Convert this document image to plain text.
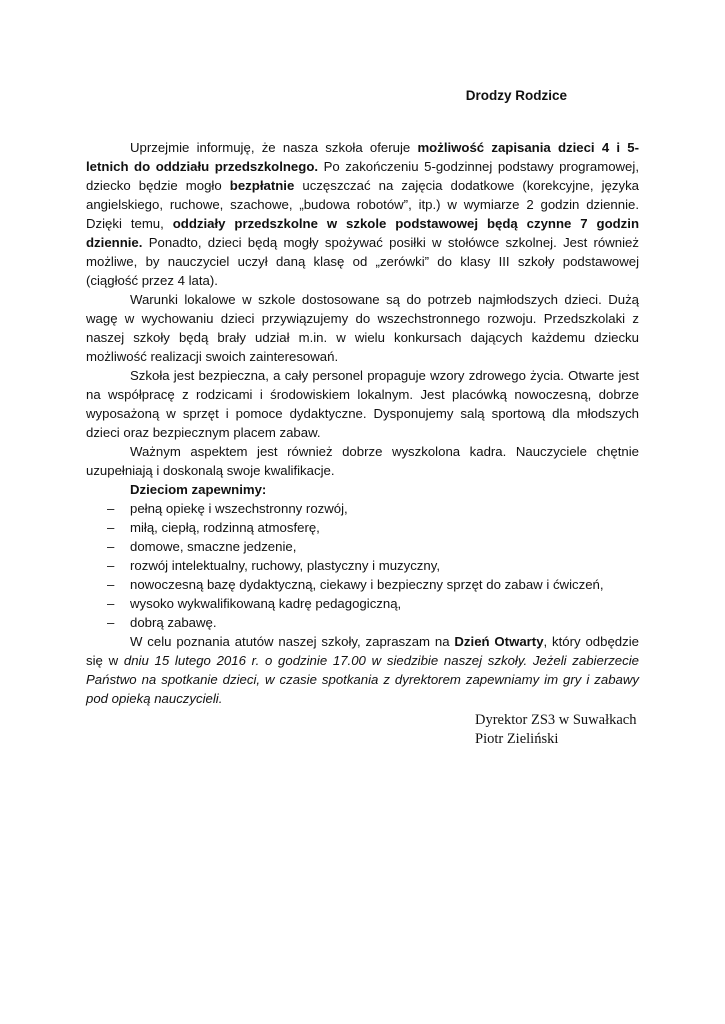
Drodzy Rodzice

Uprzejmie informuję, że nasza szkoła oferuje możliwość zapisania dzieci 4 i 5-letnich do oddziału przedszkolnego. Po zakończeniu 5-godzinnej podstawy programowej, dziecko będzie mogło bezpłatnie uczęszczać na zajęcia dodatkowe (korekcyjne, języka angielskiego, ruchowe, szachowe, „budowa robotów”, itp.) w wymiarze 2 godzin dziennie. Dzięki temu, oddziały przedszkolne w szkole podstawowej będą czynne 7 godzin dziennie. Ponadto, dzieci będą mogły spożywać posiłki w stołówce szkolnej. Jest również możliwe, by nauczyciel uczył daną klasę od „zerówki” do klasy III szkoły podstawowej (ciągłość przez 4 lata).

Warunki lokalowe w szkole dostosowane są do potrzeb najmłodszych dzieci. Dużą wagę w wychowaniu dzieci przywiązujemy do wszechstronnego rozwoju. Przedszkolaki z naszej szkoły będą brały udział m.in. w wielu konkursach dających każdemu dziecku możliwość realizacji swoich zainteresowań.

Szkoła jest bezpieczna, a cały personel propaguje wzory zdrowego życia. Otwarte jest na współpracę z rodzicami i środowiskiem lokalnym. Jest placówką nowoczesną, dobrze wyposażoną w sprzęt i pomoce dydaktyczne. Dysponujemy salą sportową dla młodszych dzieci oraz bezpiecznym placem zabaw.

Ważnym aspektem jest również dobrze wyszkolona kadra. Nauczyciele chętnie uzupełniają i doskonalą swoje kwalifikacje.

Dzieciom zapewnimy:
– pełną opiekę i wszechstronny rozwój,
– miłą, ciepłą, rodzinną atmosferę,
– domowe, smaczne jedzenie,
– rozwój intelektualny, ruchowy, plastyczny i muzyczny,
– nowoczesną bazę dydaktyczną, ciekawy i bezpieczny sprzęt do zabaw i ćwiczeń,
– wysoko wykwalifikowaną kadrę pedagogiczną,
– dobrą zabawę.

W celu poznania atutów naszej szkoły, zapraszam na Dzień Otwarty, który odbędzie się w dniu 15 lutego 2016 r. o godzinie 17.00 w siedzibie naszej szkoły. Jeżeli zabierzecie Państwo na spotkanie dzieci, w czasie spotkania z dyrektorem zapewniamy im gry i zabawy pod opieką nauczycieli.

Dyrektor ZS3 w Suwałkach
Piotr Zieliński
